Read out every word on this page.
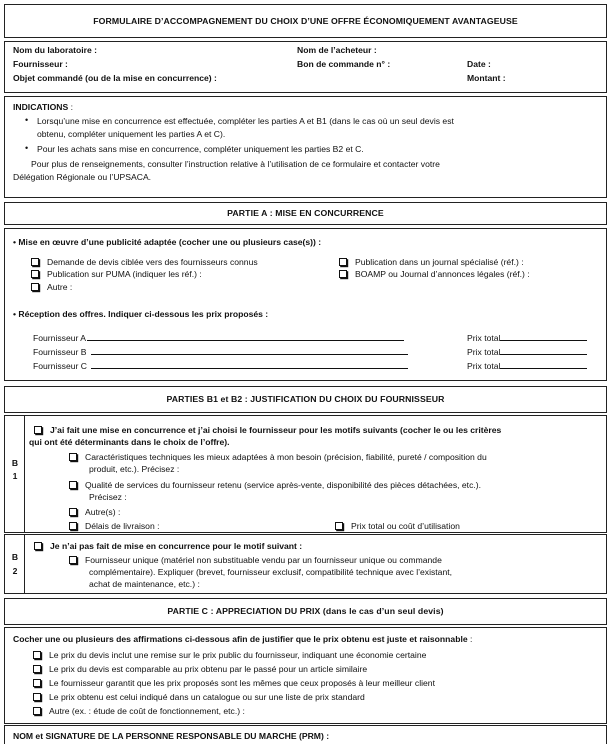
FORMULAIRE D’ACCOMPAGNEMENT DU CHOIX D’UNE OFFRE ÉCONOMIQUEMENT AVANTAGEUSE
Nom du laboratoire :	Nom de l’acheteur :
Fournisseur :	Bon de commande n° :	Date :
Objet commandé (ou de la mise en concurrence) :	Montant :
INDICATIONS :
• Lorsqu’une mise en concurrence est effectuée, compléter les parties A et B1 (dans le cas où un seul devis est
obtenu, compléter uniquement les parties A et C).
• Pour les achats sans mise en concurrence, compléter uniquement les parties B2 et C.
Pour plus de renseignements, consulter l’instruction relative à l’utilisation de ce formulaire et contacter votre
Délégation Régionale ou l’UPSACA.
PARTIE A : MISE EN CONCURRENCE
• Mise en œuvre d’une publicité adaptée (cocher une ou plusieurs case(s)) :
Demande de devis ciblée vers des fournisseurs connus	Publication dans un journal spécialisé (réf.) :
Publication sur PUMA (indiquer les réf.) :	BOAMP ou Journal d’annonces légales (réf.) :
Autre :
• Réception des offres. Indiquer ci-dessous les prix proposés :
Fournisseur A	Prix total
Fournisseur B	Prix total
Fournisseur C	Prix total
PARTIES B1 et B2 : JUSTIFICATION DU CHOIX DU FOURNISSEUR
B
1
J’ai fait une mise en concurrence et j’ai choisi le fournisseur pour les motifs suivants (cocher le ou les critères
qui ont été déterminants dans le choix de l’offre).
Caractéristiques techniques les mieux adaptées à mon besoin (précision, fiabilité, pureté / composition du
produit, etc.). Précisez :
Qualité de services du fournisseur retenu (service après-vente, disponibilité des pièces détachées, etc.).
Précisez :
Autre(s) :
Délais de livraison :	Prix total ou coût d’utilisation
B
2
Je n’ai pas fait de mise en concurrence pour le motif suivant :
Fournisseur unique (matériel non substituable vendu par un fournisseur unique ou commande
complémentaire). Expliquer (brevet, fournisseur exclusif, compatibilité technique avec l’existant,
achat de maintenance, etc.) :
PARTIE C : APPRECIATION DU PRIX (dans le cas d’un seul devis)
Cocher une ou plusieurs des affirmations ci-dessous afin de justifier que le prix obtenu est juste et raisonnable :
Le prix du devis inclut une remise sur le prix public du fournisseur, indiquant une économie certaine
Le prix du devis est comparable au prix obtenu par le passé pour un article similaire
Le fournisseur garantit que les prix proposés sont les mêmes que ceux proposés à leur meilleur client
Le prix obtenu est celui indiqué dans un catalogue ou sur une liste de prix standard
Autre (ex. : étude de coût de fonctionnement, etc.) :
NOM et SIGNATURE DE LA PERSONNE RESPONSABLE DU MARCHE (PRM) :
